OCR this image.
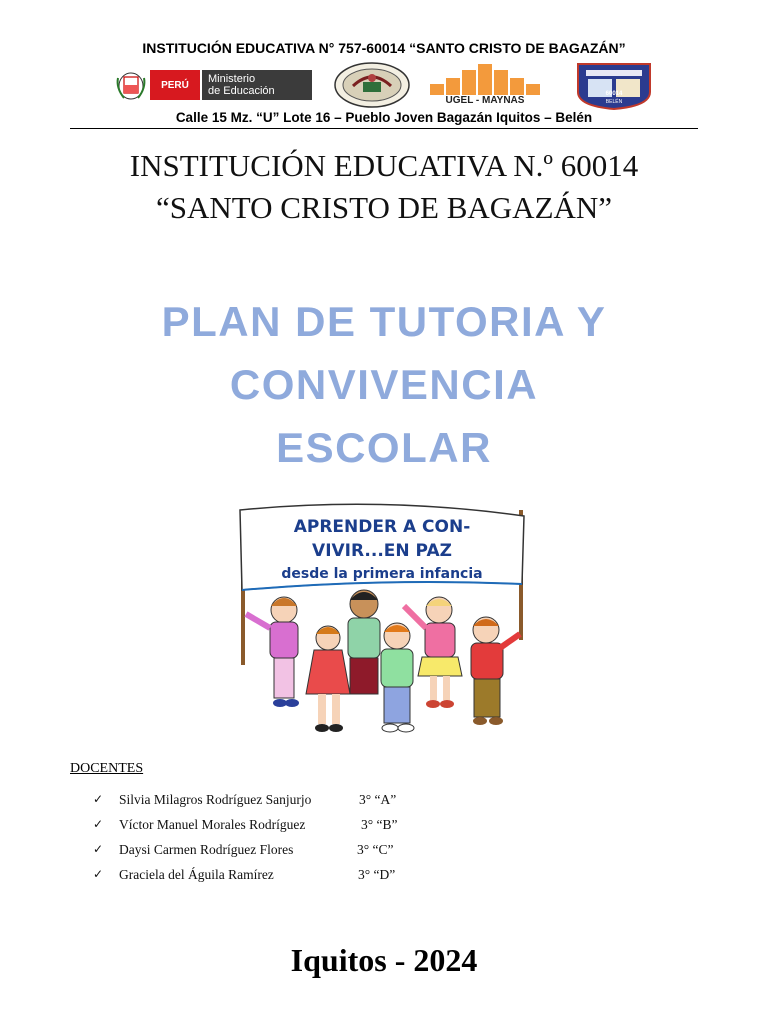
INSTITUCIÓN EDUCATIVA N° 757-60014 “SANTO CRISTO DE BAGAZÁN”
PERÚ Ministerio
de Educación
UGEL - MAYNAS
60014
BELÉN
Calle 15 Mz. “U” Lote 16 – Pueblo Joven Bagazán Iquitos – Belén
INSTITUCIÓN EDUCATIVA N.º 60014
“SANTO CRISTO DE BAGAZÁN”
PLAN DE TUTORIA Y
CONVIVENCIA
ESCOLAR
APRENDER A CON-
VIVIR...EN PAZ
desde la primera infancia
DOCENTES
✓ Silvia Milagros Rodríguez Sanjurjo	3° “A”
✓ Víctor Manuel Morales Rodríguez	3° “B”
✓ Daysi Carmen Rodríguez Flores	3° “C”
✓ Graciela del Águila Ramírez	3° “D”
Iquitos - 2024
